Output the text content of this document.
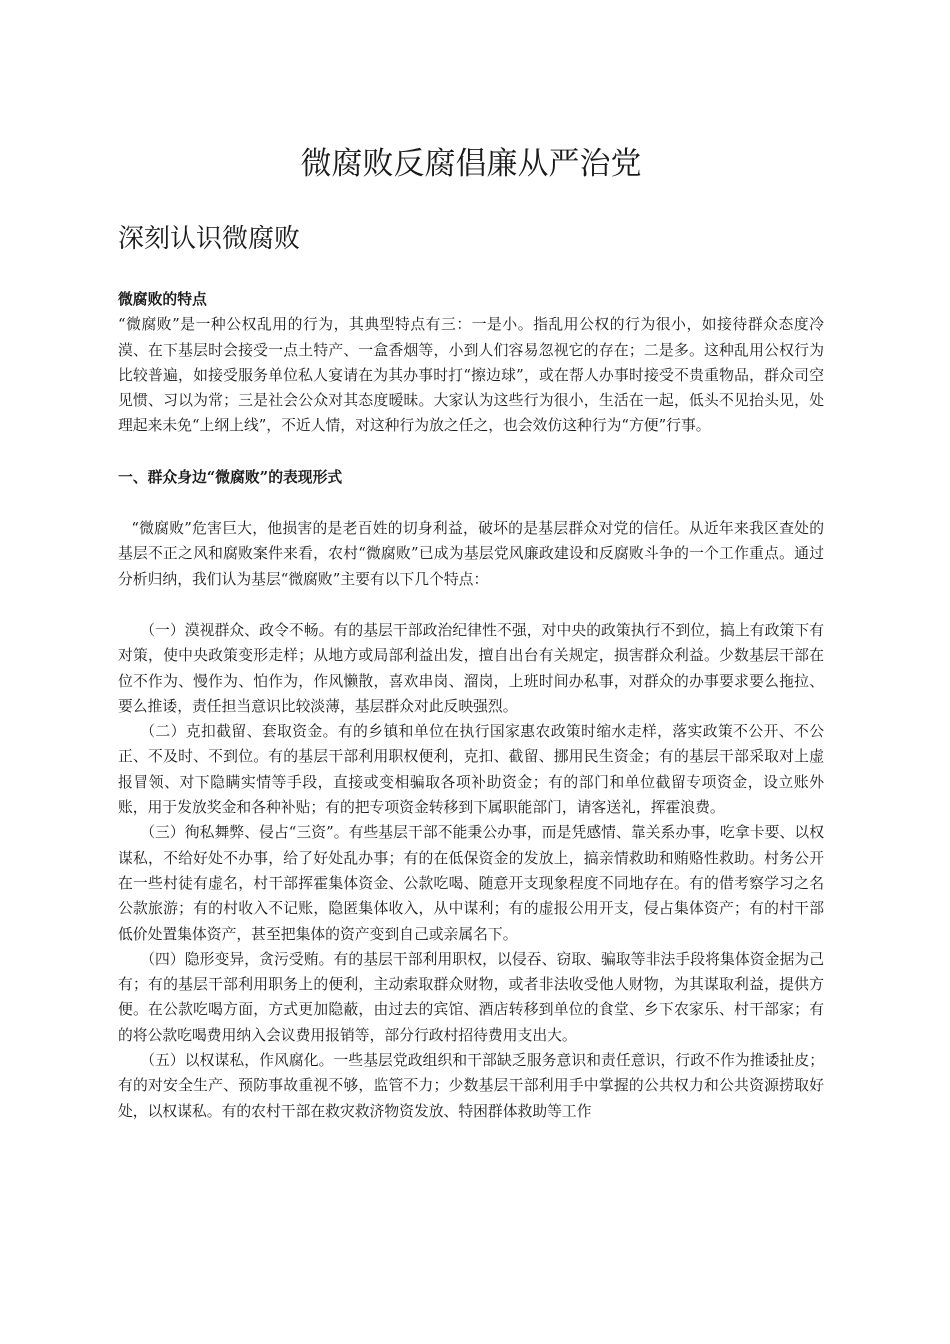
微腐败反腐倡廉从严治党
深刻认识微腐败

微腐败的特点

“微腐败”是一种公权乱用的行为，其典型特点有三：一是小。指乱用公权的行为很小，如接待群众态度冷漠、在下基层时会接受一点土特产、一盒香烟等，小到人们容易忽视它的存在；二是多。这种乱用公权行为比较普遍，如接受服务单位私人宴请在为其办事时打“擦边球”，或在帮人办事时接受不贵重物品，群众司空见惯、习以为常；三是社会公众对其态度暧昧。大家认为这些行为很小，生活在一起，低头不见抬头见，处理起来未免“上纲上线”，不近人情，对这种行为放之任之，也会效仿这种行为“方便”行事。

一、群众身边“微腐败”的表现形式

“微腐败”危害巨大，他损害的是老百姓的切身利益，破坏的是基层群众对党的信任。从近年来我区查处的基层不正之风和腐败案件来看，农村“微腐败”已成为基层党风廉政建设和反腐败斗争的一个工作重点。通过分析归纳，我们认为基层“微腐败”主要有以下几个特点：

（一）漠视群众、政令不畅。有的基层干部政治纪律性不强，对中央的政策执行不到位，搞上有政策下有对策，使中央政策变形走样；从地方或局部利益出发，擅自出台有关规定，损害群众利益。少数基层干部在位不作为、慢作为、怕作为，作风懒散，喜欢串岗、溜岗，上班时间办私事，对群众的办事要求要么拖拉、要么推诿，责任担当意识比较淡薄，基层群众对此反映强烈。

（二）克扣截留、套取资金。有的乡镇和单位在执行国家惠农政策时缩水走样，落实政策不公开、不公正、不及时、不到位。有的基层干部利用职权便利，克扣、截留、挪用民生资金；有的基层干部采取对上虚报冒领、对下隐瞒实情等手段，直接或变相骗取各项补助资金；有的部门和单位截留专项资金，设立账外账，用于发放奖金和各种补贴；有的把专项资金转移到下属职能部门，请客送礼，挥霍浪费。

（三）徇私舞弊、侵占“三资”。有些基层干部不能秉公办事，而是凭感情、靠关系办事，吃拿卡要、以权谋私，不给好处不办事，给了好处乱办事；有的在低保资金的发放上，搞亲情救助和贿赂性救助。村务公开在一些村徒有虚名，村干部挥霍集体资金、公款吃喝、随意开支现象程度不同地存在。有的借考察学习之名公款旅游；有的村收入不记账，隐匿集体收入，从中谋利；有的虚报公用开支，侵占集体资产；有的村干部低价处置集体资产，甚至把集体的资产变到自己或亲属名下。

（四）隐形变异，贪污受贿。有的基层干部利用职权，以侵吞、窃取、骗取等非法手段将集体资金据为己有；有的基层干部利用职务上的便利，主动索取群众财物，或者非法收受他人财物，为其谋取利益，提供方便。在公款吃喝方面，方式更加隐蔽，由过去的宾馆、酒店转移到单位的食堂、乡下农家乐、村干部家；有的将公款吃喝费用纳入会议费用报销等，部分行政村招待费用支出大。

（五）以权谋私，作风腐化。一些基层党政组织和干部缺乏服务意识和责任意识，行政不作为推诿扯皮；有的对安全生产、预防事故重视不够，监管不力；少数基层干部利用手中掌握的公共权力和公共资源捞取好处，以权谋私。有的农村干部在救灾救济物资发放、特困群体救助等工作
